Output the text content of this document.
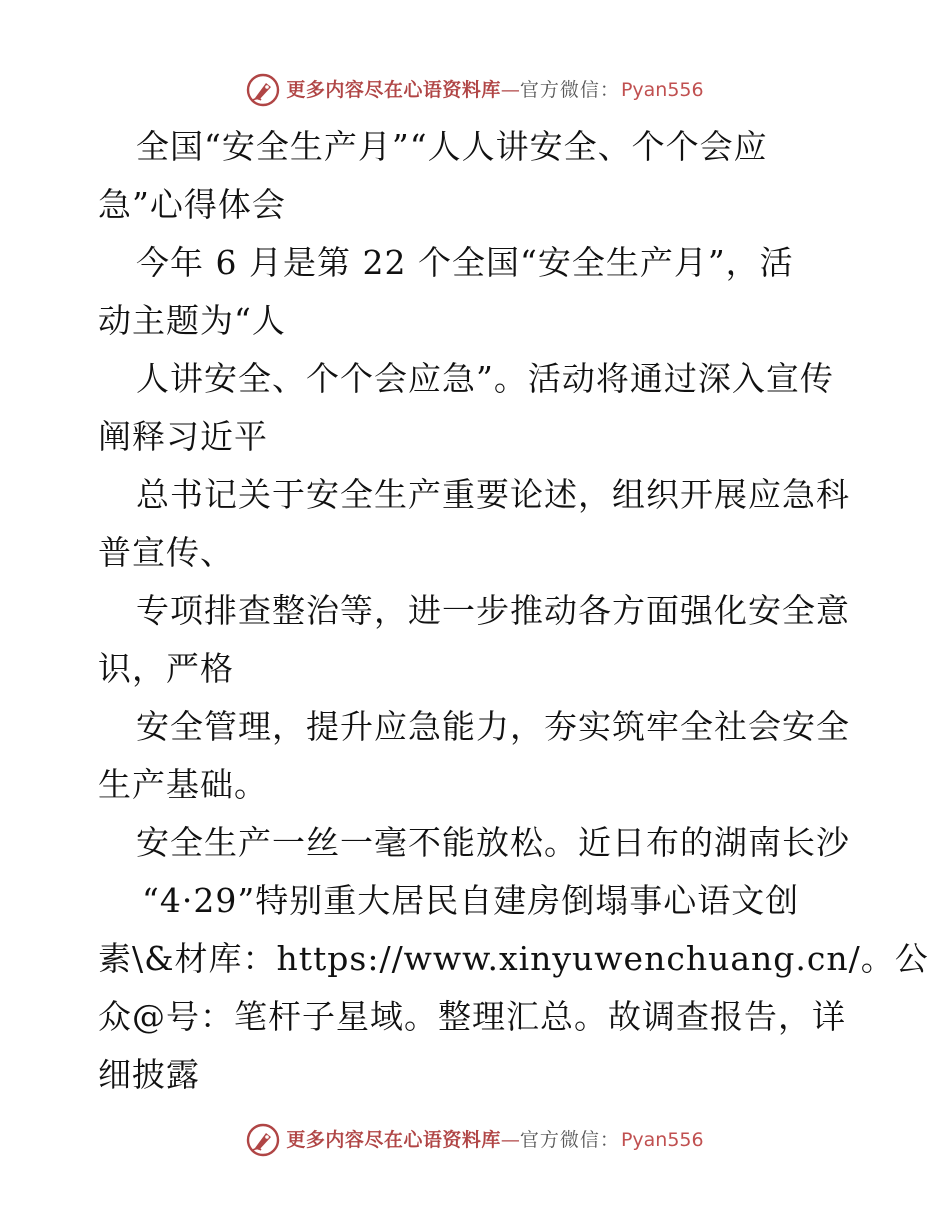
更多内容尽在心语资料库 — 官方微信 ： Pyan556
全国“安全生产月”“人人讲安全、个个会应
急”心得体会
今年 6 月是第 22 个全国“安全生产月”，活
动主题为“人
人讲安全、个个会应急”。活动将通过深入宣传
阐释习近平
总书记关于安全生产重要论述，组织开展应急科
普宣传、
专项排查整治等，进一步推动各方面强化安全意
识，严格
安全管理，提升应急能力，夯实筑牢全社会安全
生产基础。
安全生产一丝一毫不能放松。近日布的湖南长沙
“4·29”特别重大居民自建房倒塌事心语文创
素\&材库：https://www.xinyuwenchuang.cn/。公
众@号：笔杆子星域。整理汇总。故调查报告，详
细披露
更多内容尽在心语资料库 — 官方微信 ： Pyan556
